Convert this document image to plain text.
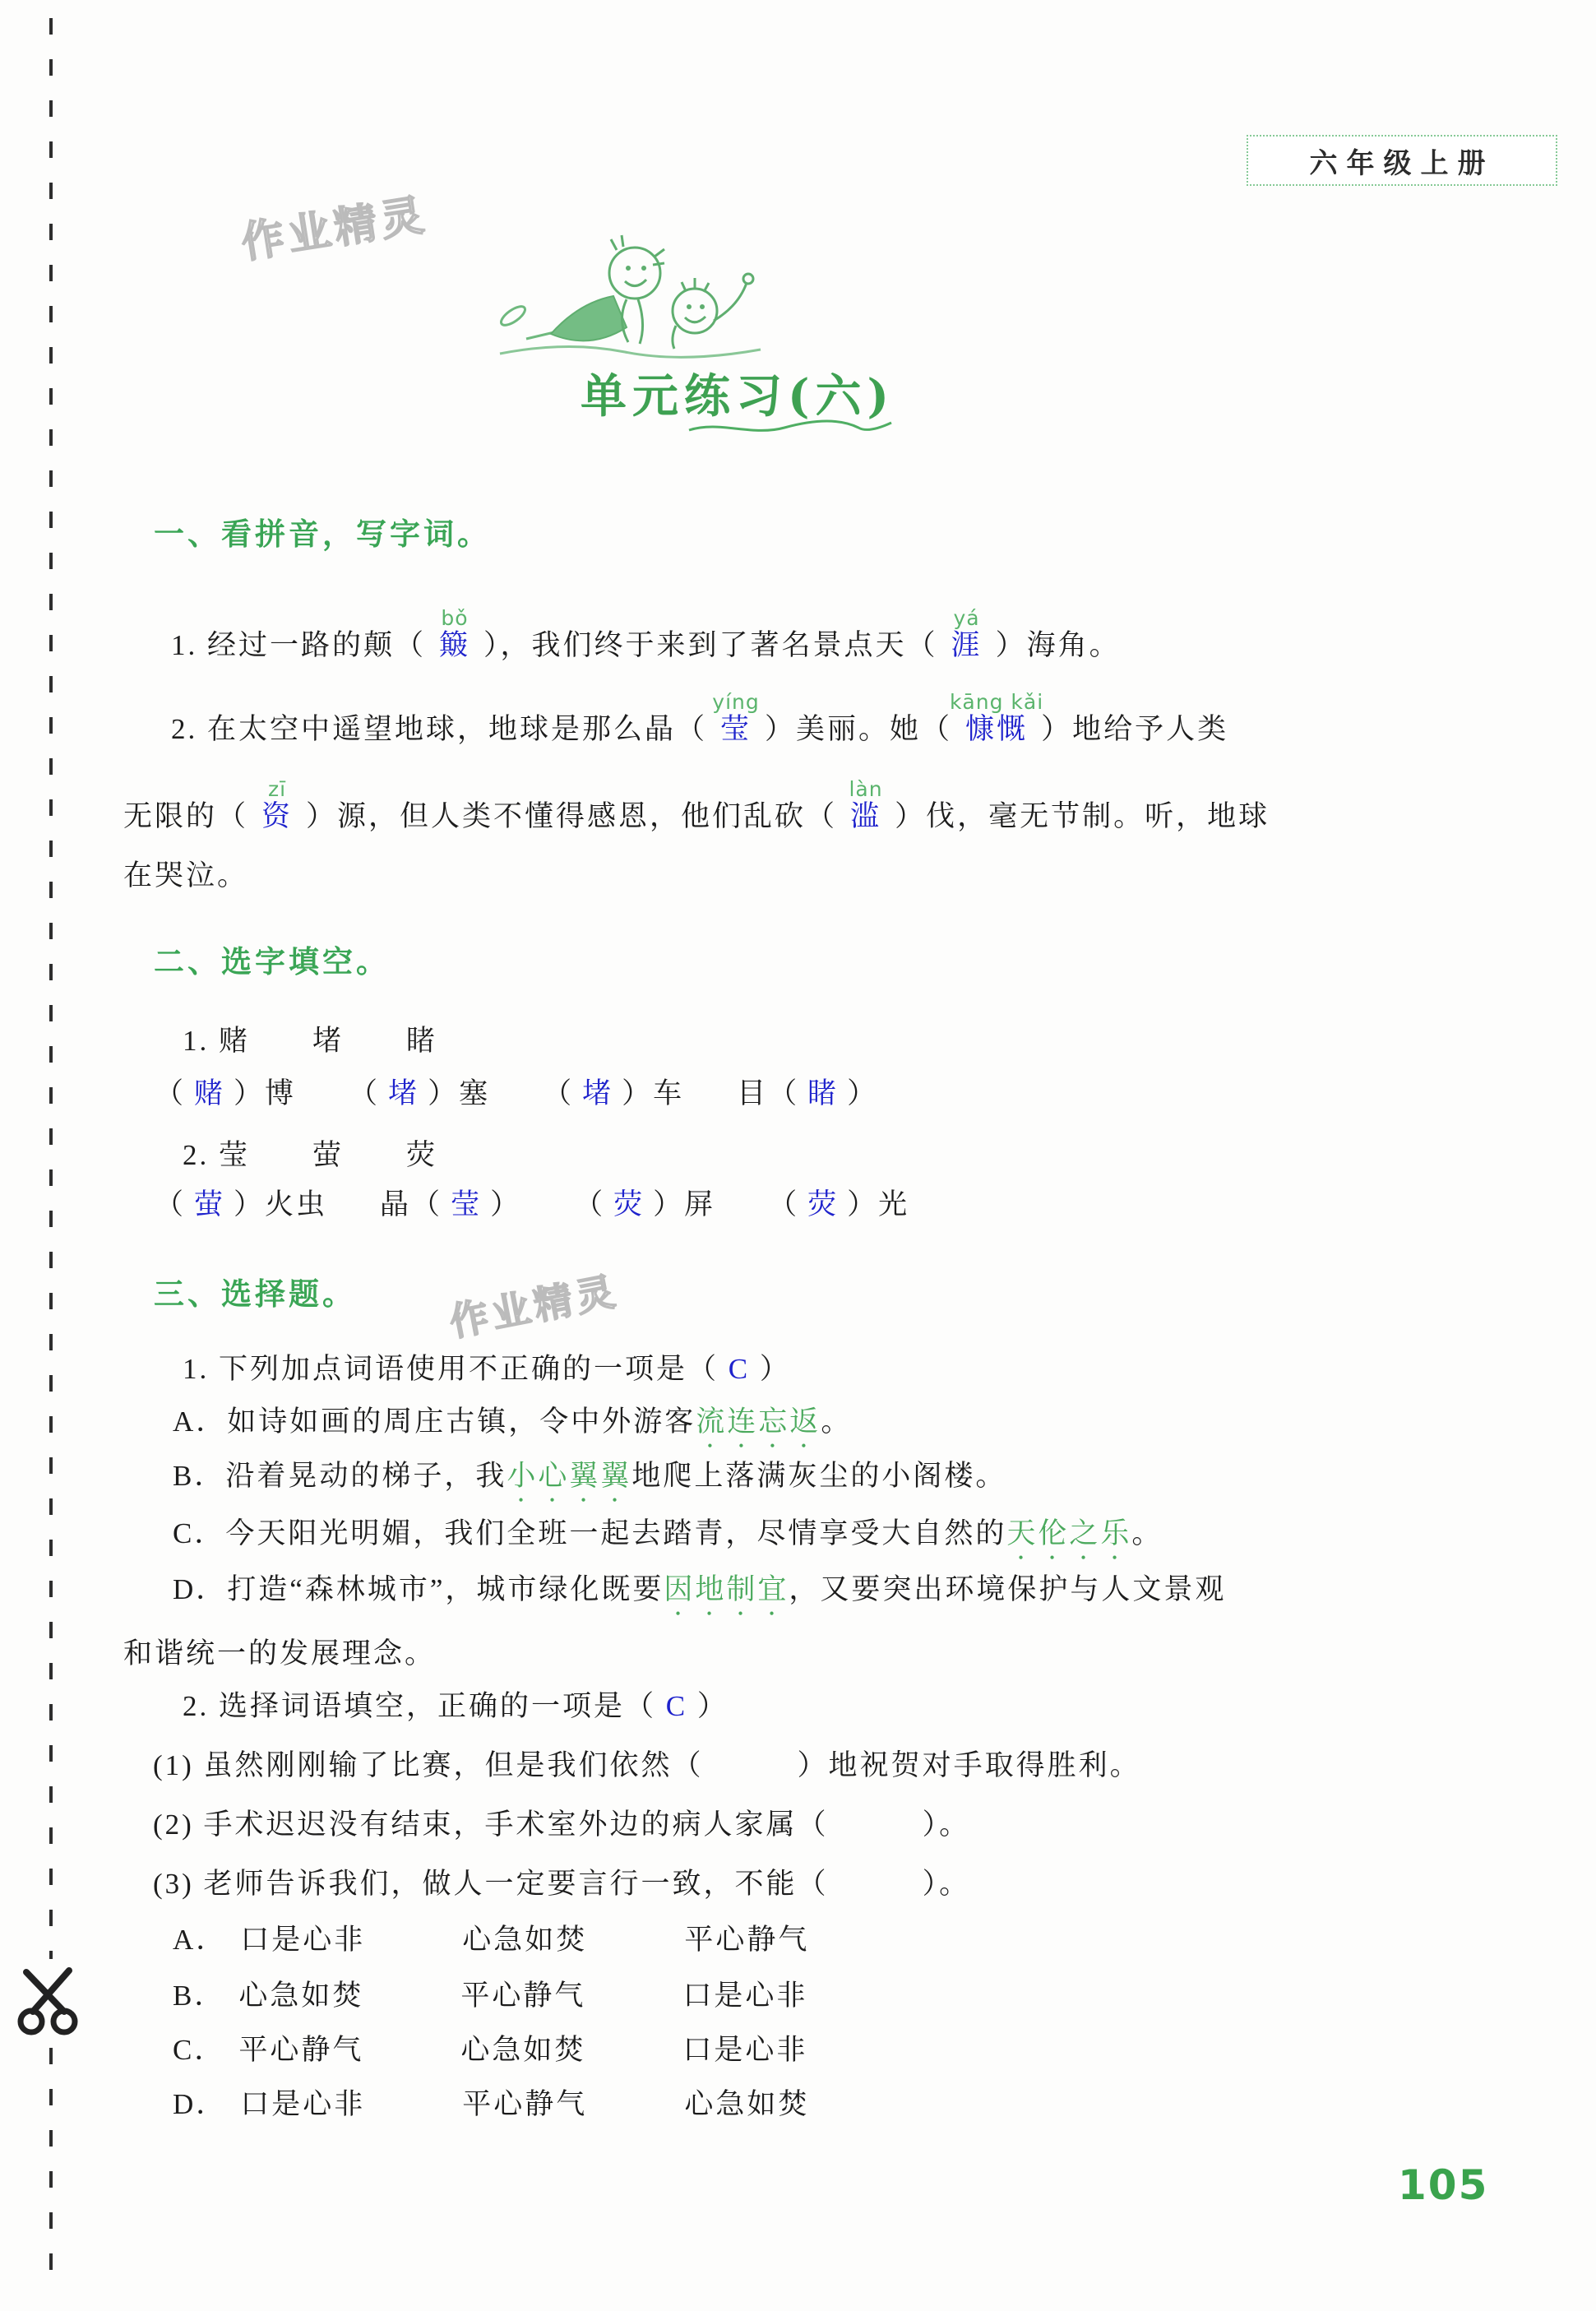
六年级上册
作业精灵
作业精灵
单元练习(六)
一、看拼音，写字词。
1. 经过一路的颠（
bǒ
簸 ），我们终于来到了著名景点天（
yá
涯 ）海角。
2. 在太空中遥望地球，地球是那么晶（
yíng
莹 ）美丽。她（
kāng kǎi
慷慨 ）地给予人类
无限的（
zī
资 ）源，但人类不懂得感恩，他们乱砍（
làn
滥 ）伐，毫无节制。听，地球
在哭泣。
二、选字填空。
1. 赌　　堵　　睹
（ 赌 ）博 （ 堵 ）塞 （ 堵 ）车 目（ 睹 ）
2. 莹　　萤　　荧
（ 萤 ）火虫 晶（ 莹 ） （ 荧 ）屏 （ 荧 ）光
三、选择题。
1. 下列加点词语使用不正确的一项是（ C ）
A．如诗如画的周庄古镇，令中外游客流连忘返。
B．沿着晃动的梯子，我小心翼翼地爬上落满灰尘的小阁楼。
C．今天阳光明媚，我们全班一起去踏青，尽情享受大自然的天伦之乐。
D．打造“森林城市”，城市绿化既要因地制宜，又要突出环境保护与人文景观
和谐统一的发展理念。
2. 选择词语填空，正确的一项是（ C ）
(1) 虽然刚刚输了比赛，但是我们依然（　　　）地祝贺对手取得胜利。
(2) 手术迟迟没有结束，手术室外边的病人家属（　　　）。
(3) 老师告诉我们，做人一定要言行一致，不能（　　　）。
A． 口是心非	心急如焚	平心静气
B． 心急如焚	平心静气	口是心非
C． 平心静气	心急如焚	口是心非
D． 口是心非	平心静气	心急如焚
105
